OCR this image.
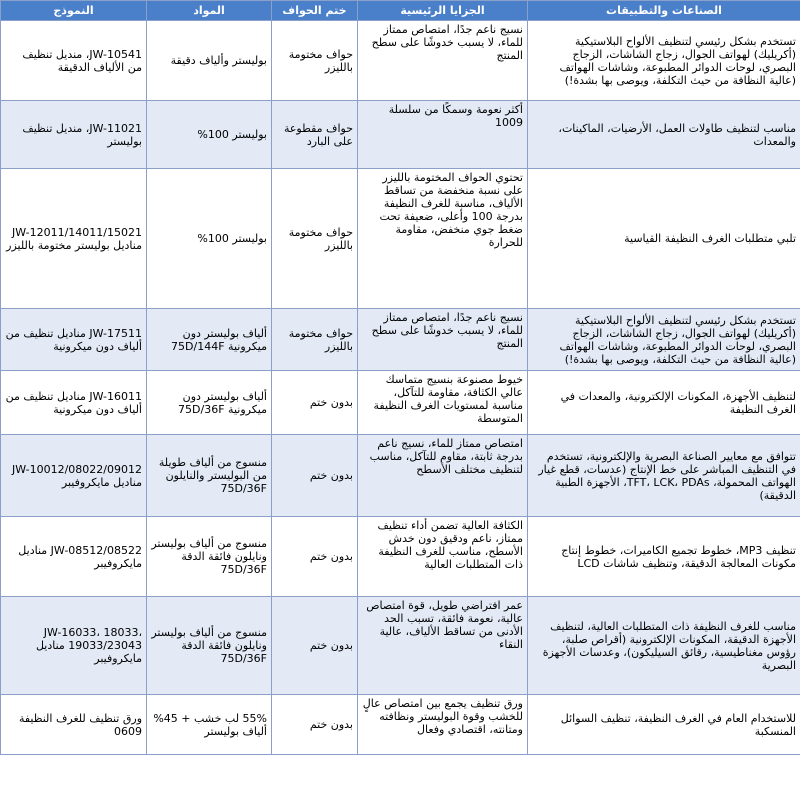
النموذج	المواد	ختم الحواف	الجزايا الرئيسية	الصناعات والتطبيقات
JW-10541، منديل تنظيف من الألياف الدقيقة	بوليستر وألياف دقيقة	حواف مختومة بالليزر	نسيج ناعم جدًا، امتصاص ممتاز للماء، لا يسبب خدوشًا على سطح المنتج	تستخدم بشكل رئيسي لتنظيف الألواح البلاستيكية (أكريليك) لهواتف الجوال، زجاج الشاشات، الزجاج البصري، لوحات الدوائر المطبوعة، وشاشات الهواتف (عالية النظافة من حيث التكلفة، ويوصى بها بشدة!)
JW-11021، منديل تنظيف بوليستر	بوليستر 100%	حواف مقطوعة على البارد	أكثر نعومة وسمكًا من سلسلة 1009	مناسب لتنظيف طاولات العمل، الأرضيات، الماكينات، والمعدات
JW-12011/14011/15021 مناديل بوليستر مختومة بالليزر	بوليستر 100%	حواف مختومة بالليزر	تحتوي الحواف المختومة بالليزر على نسبة منخفضة من تساقط الألياف، مناسبة للغرف النظيفة بدرجة 100 وأعلى، ضعيفة تحت ضغط جوي منخفض، مقاومة للحرارة	تلبي متطلبات الغرف النظيفة القياسية
JW-17511 مناديل تنظيف من ألياف دون ميكرونية	ألياف بوليستر دون ميكرونية 75D/144F	حواف مختومة بالليزر	نسيج ناعم جدًا، امتصاص ممتاز للماء، لا يسبب خدوشًا على سطح المنتج	تستخدم بشكل رئيسي لتنظيف الألواح البلاستيكية (أكريليك) لهواتف الجوال، زجاج الشاشات، الزجاج البصري، لوحات الدوائر المطبوعة، وشاشات الهواتف (عالية النظافة من حيث التكلفة، ويوصى بها بشدة!)
JW-16011 مناديل تنظيف من ألياف دون ميكرونية	ألياف بوليستر دون ميكرونية 75D/36F	بدون ختم	خيوط مصنوعة بنسيج متماسك عالي الكثافة، مقاومة للتآكل، مناسبة لمستويات الغرف النظيفة المتوسطة	لتنظيف الأجهزة، المكونات الإلكترونية، والمعدات في الغرف النظيفة
JW-10012/08022/09012 مناديل مايكروفيبر	منسوج من ألياف طويلة من البوليستر والنايلون 75D/36F	بدون ختم	امتصاص ممتاز للماء، نسيج ناعم بدرجة ثابتة، مقاوم للتآكل، مناسب لتنظيف مختلف الأسطح	تتوافق مع معايير الصناعة البصرية والإلكترونية، تستخدم في التنظيف المباشر على خط الإنتاج (عدسات، قطع غيار الهواتف المحمولة، TFT، LCK، PDAs، الأجهزة الطبية الدقيقة)
JW-08512/08522 مناديل مايكروفيبر	منسوج من ألياف بوليستر ونايلون فائقة الدقة 75D/36F	بدون ختم	الكثافة العالية تضمن أداء تنظيف ممتاز، ناعم ودقيق دون خدش الأسطح، مناسب للغرف النظيفة ذات المتطلبات العالية	تنظيف MP3، خطوط تجميع الكاميرات، خطوط إنتاج مكونات المعالجة الدقيقة، وتنظيف شاشات LCD
JW-16033، 18033، 19033/23043 مناديل مايكروفيبر	منسوج من ألياف بوليستر ونايلون فائقة الدقة 75D/36F	بدون ختم	عمر افتراضي طويل، قوة امتصاص عالية، نعومة فائقة، تسبب الحد الأدنى من تساقط الألياف، عالية النقاء	مناسب للغرف النظيفة ذات المتطلبات العالية، لتنظيف الأجهزة الدقيقة، المكونات الإلكترونية (أقراص صلبة، رؤوس مغناطيسية، رقائق السيليكون)، وعدسات الأجهزة البصرية
ورق تنظيف للغرف النظيفة 0609	55% لب خشب + 45% ألياف بوليستر	بدون ختم	ورق تنظيف يجمع بين امتصاص عالٍ للخشب وقوة البوليستر ونظافته ومتانته، اقتصادي وفعال	للاستخدام العام في الغرف النظيفة، تنظيف السوائل المنسكبة
